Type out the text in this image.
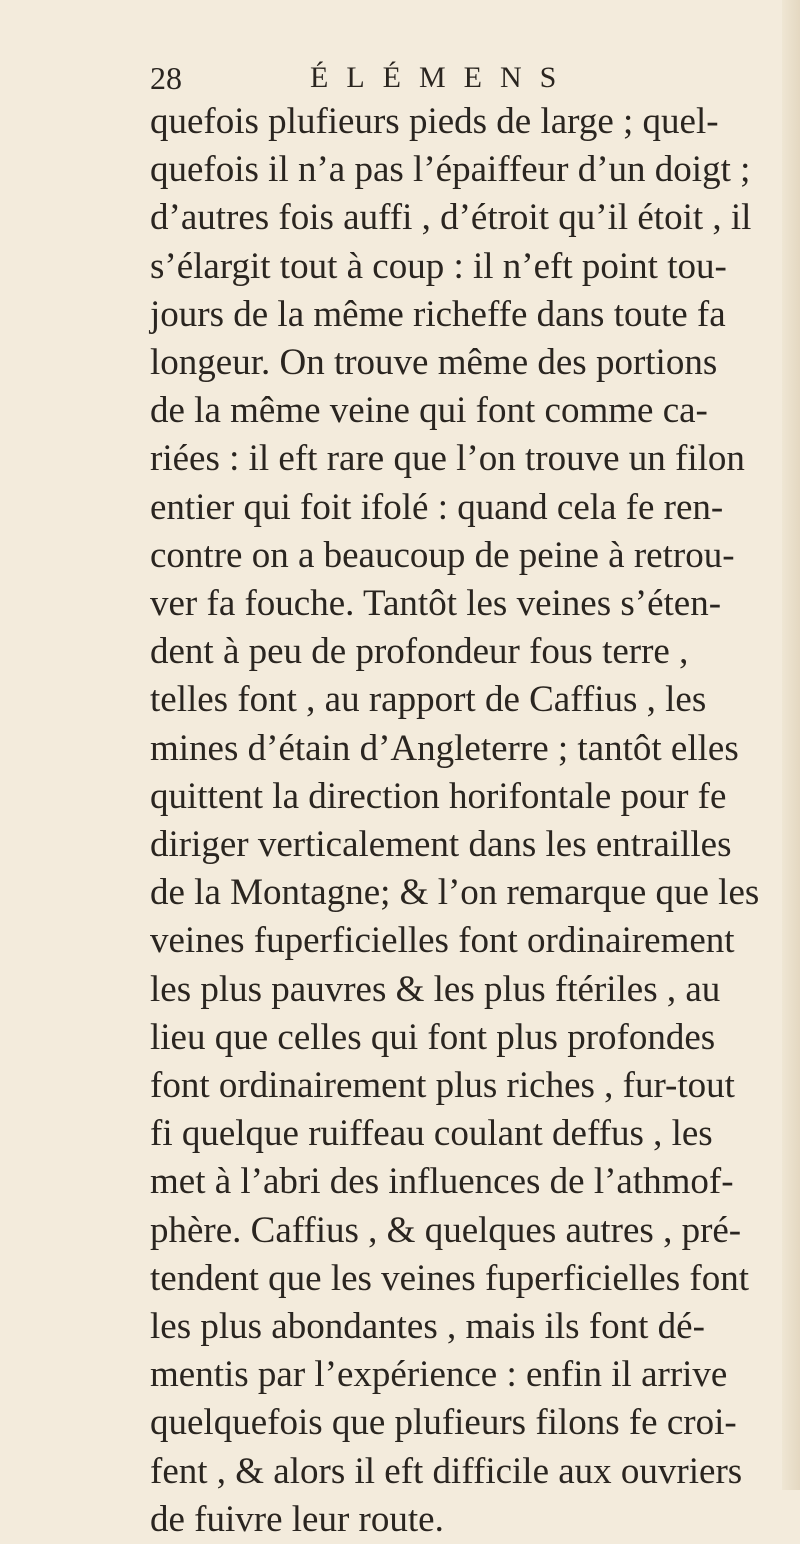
28	ÉLÉMENS
quefois plufieurs pieds de large ; quel-
quefois il n’a pas l’épaiffeur d’un doigt ;
d’autres fois auffi , d’étroit qu’il étoit , il
s’élargit tout à coup : il n’eft point tou-
jours de la même richeffe dans toute fa
longeur. On trouve même des portions
de la même veine qui font comme ca-
riées : il eft rare que l’on trouve un filon
entier qui foit ifolé : quand cela fe ren-
contre on a beaucoup de peine à retrou-
ver fa fouche. Tantôt les veines s’éten-
dent à peu de profondeur fous terre ,
telles font , au rapport de Caffius , les
mines d’étain d’Angleterre ; tantôt elles
quittent la direction horifontale pour fe
diriger verticalement dans les entrailles
de la Montagne; & l’on remarque que les
veines fuperficielles font ordinairement
les plus pauvres & les plus ftériles , au
lieu que celles qui font plus profondes
font ordinairement plus riches , fur-tout
fi quelque ruiffeau coulant deffus , les
met à l’abri des influences de l’athmof-
phère. Caffius , & quelques autres , pré-
tendent que les veines fuperficielles font
les plus abondantes , mais ils font dé-
mentis par l’expérience : enfin il arrive
quelquefois que plufieurs filons fe croi-
fent , & alors il eft difficile aux ouvriers
de fuivre leur route.
